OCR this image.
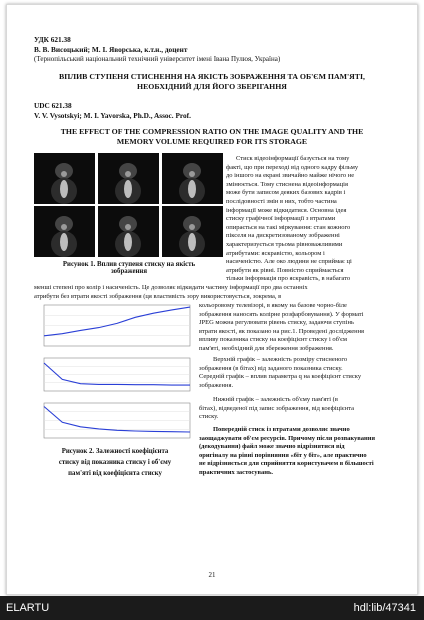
УДК 621.38
В. В. Висоцький; М. І. Яворська, к.т.н., доцент
(Тернопільський національний технічний університет імені Івана Пулюя, Україна)
ВПЛИВ СТУПЕНЯ СТИСНЕННЯ НА ЯКІСТЬ ЗОБРАЖЕННЯ ТА ОБ'ЄМ ПАМ'ЯТІ,
НЕОБХІДНИЙ ДЛЯ ЙОГО ЗБЕРІГАННЯ
UDC 621.38
V. V. Vysotskyi; M. I. Yavorska, Ph.D., Assoc. Prof.
THE EFFECT OF THE COMPRESSION RATIO ON THE IMAGE QUALITY AND THE
MEMORY VOLUME REQUIRED FOR ITS STORAGE
Рисунок 1. Вплив ступеня стиску на якість
зображення
Стиск відеоінформації базується на тому
факті, що при переході від одного кадру фільму
до іншого на екрані звичайно майже нічого не
змінюється. Тому стиснена відеоінформація
може бути записом деяких базових кадрів і
послідовності змін в них, тобто частина
інформації може відкидатися. Основна ідея
стиску графічної інформації з втратами
опирається на такі міркування: стан кожного
пікселя на дискретизованому зображенні
характеризується трьома рівноважливими
атрибутами: яскравістю, кольором і
насиченістю. Але око людини не сприймає ці
атрибути як рівні. Повністю сприймається
тільки інформація про яскравість, в набагато
менші степені про колір і насиченість. Це дозволяє відкидати частину інформації про два останніх
атрибути без втрати якості зображення (ця властивість зору використовується, зокрема, в
Рисунок 2. Залежності коефіцієнта
стиску від показника стиску і об'єму
пам'яті від коефіцієнта стиску
кольоровому телевізорі, в якому на базове чорно-біле
зображення наносять колірне розфарбовування). У форматі
JPEG можна регулювати рівень стиску, задаючи ступінь
втрати якості, як показано на рис.1. Проведені дослідження
впливу показника стиску на коефіцієнт стиску і об'єм
пам'яті, необхідний для збереження зображення.
Верхній графік – залежність розміру стисненого
зображення (в бітах) від заданого показника стиску.
Середній графік – вплив параметра q на коефіцієнт стиску
зображення.
Нижній графік – залежність об'єму пам'яті (в
бітах), відведеної під запис зображення, від коефіцієнта
стиску.
Попередній стиск із втратами дозволяє значно
заощаджувати об'єм ресурсів. Причому після розпакування
(декодування) файл може значно відрізнятися від
оригіналу на рівні порівняння «біт у біт», але практично
не відрізняється для сприйняття користувачем в більшості
практичних застосувань.
21
ELARTU	hdl:lib/47341
